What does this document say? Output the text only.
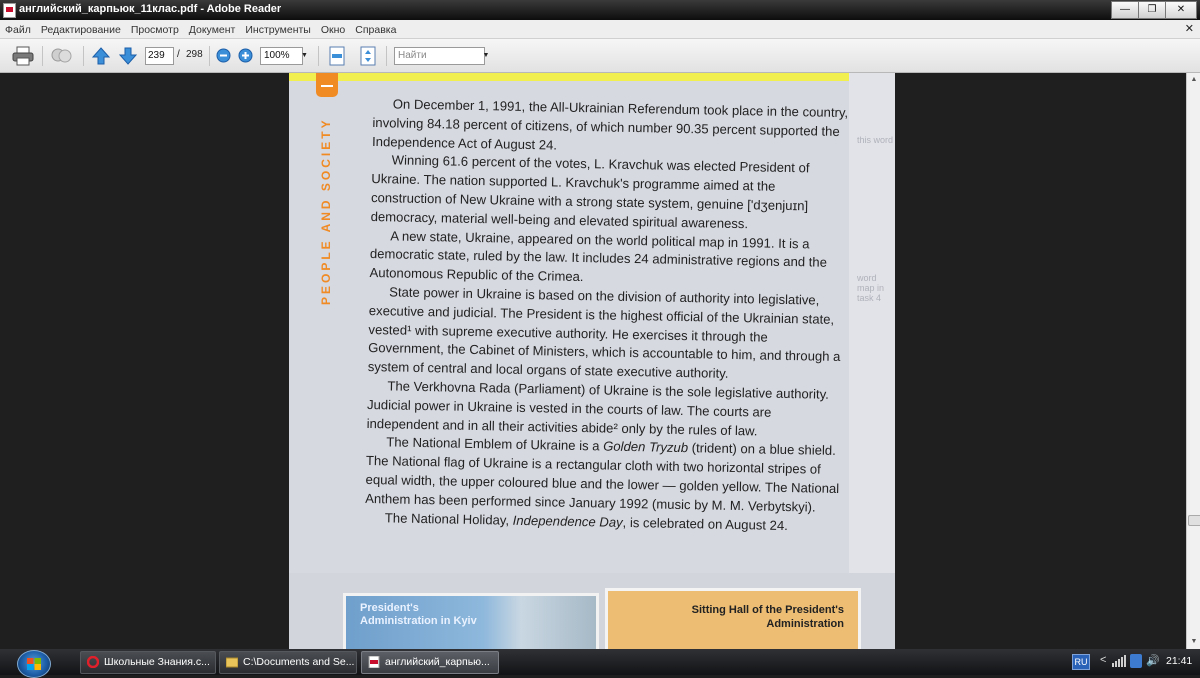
английский_карпьюк_11клас.pdf - Adobe Reader	—	❐	✕
Файл Редактирование Просмотр Документ Инструменты Окно Справка	✕
239	/ 298	100%	▼	Найти	▼
PEOPLE AND SOCIETY	this word
word map in task 4

On December 1, 1991, the All-Ukrainian Referendum took place in the country, involving 84.18 percent of citizens, of which number 90.35 percent supported the Independence Act of August 24.

Winning 61.6 percent of the votes, L. Kravchuk was elected President of Ukraine. The nation supported L. Kravchuk's programme aimed at the construction of New Ukraine with a strong state system, genuine ['dʒenjuɪn] democracy, material well-being and elevated spiritual awareness.

A new state, Ukraine, appeared on the world political map in 1991. It is a democratic state, ruled by the law. It includes 24 administrative regions and the Autonomous Republic of the Crimea.

State power in Ukraine is based on the division of authority into legislative, executive and judicial. The President is the highest official of the Ukrainian state, vested¹ with supreme executive authority. He exercises it through the Government, the Cabinet of Ministers, which is accountable to him, and through a system of central and local organs of state executive authority.

The Verkhovna Rada (Parliament) of Ukraine is the sole legislative authority. Judicial power in Ukraine is vested in the courts of law. The courts are independent and in all their activities abide² only by the rules of law.

The National Emblem of Ukraine is a Golden Tryzub (trident) on a blue shield. The National flag of Ukraine is a rectangular cloth with two horizontal stripes of equal width, the upper coloured blue and the lower — golden yellow. The National Anthem has been performed since January 1992 (music by M. M. Verbytskyi).

The National Holiday, Independence Day, is celebrated on August 24.

President's Administration in Kyiv
Sitting Hall of the President's Administration
▲
▼
Школьные Знания.c...	C:\Documents and Se...	английский_карпью...	RU <	🔊 21:41
